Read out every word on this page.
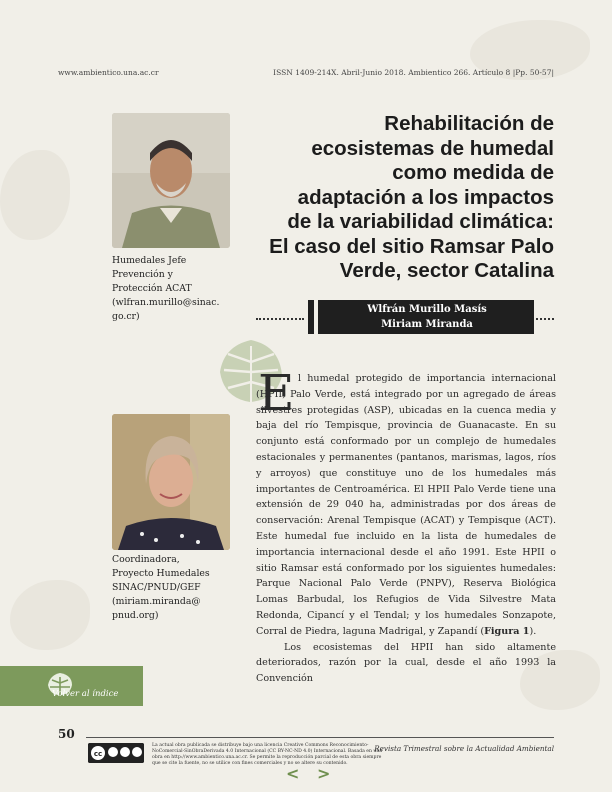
www.ambientico.una.ac.cr	ISSN 1409-214X. Abril-Junio 2018. Ambientico 266. Artículo 8 |Pp. 50-57|
Humedales Jefe
Prevención y
Protección ACAT
(wlfran.murillo@sinac.
go.cr)
Rehabilitación de
ecosistemas de humedal
como medida de
adaptación a los impactos
de la variabilidad climática:
El caso del sitio Ramsar Palo
Verde, sector Catalina
Wlfrán Murillo Masís
Miriam Miranda
Coordinadora,
Proyecto Humedales
SINAC/PNUD/GEF
(miriam.miranda@
pnud.org)
E l humedal protegido de importancia internacional (HPII) Palo Verde, está integrado por un agregado de áreas silvestres protegidas (ASP), ubicadas en la cuenca media y baja del río Tempisque, provincia de Guanacaste. En su conjunto está conformado por un complejo de humedales estacionales y permanentes (pantanos, marismas, lagos, ríos y arroyos) que constituye uno de los humedales más importantes de Centroamérica. El HPII Palo Verde tiene una extensión de 29 040 ha, administradas por dos áreas de conservación: Arenal Tempisque (ACAT) y Tempisque (ACT). Este humedal fue incluido en la lista de humedales de importancia internacional desde el año 1991. Este HPII o sitio Ramsar está conformado por los siguientes humedales: Parque Nacional Palo Verde (PNPV), Reserva Biológica Lomas Barbudal, los Refugios de Vida Silvestre Mata Redonda, Cipancí y el Tendal; y los humedales Sonzapote, Corral de Piedra, laguna Madrigal, y Zapandí (Figura 1).

Los ecosistemas del HPII han sido altamente deteriorados, razón por la cual, desde el año 1993 la Convención

Volver al índice
50
cc
La actual obra publicada se distribuye bajo una licencia Creative Commons Reconocimiento-NoComercial-SinObraDerivada 4.0 Internacional (CC BY-NC-ND 4.0) Internacional. Basada en una obra en http://www.ambientico.una.ac.cr. Se permite la reproducción parcial de esta obra siempre que se cite la fuente, no se utilice con fines comerciales y no se altere su contenido.
Revista Trimestral sobre la Actualidad Ambiental
< >
